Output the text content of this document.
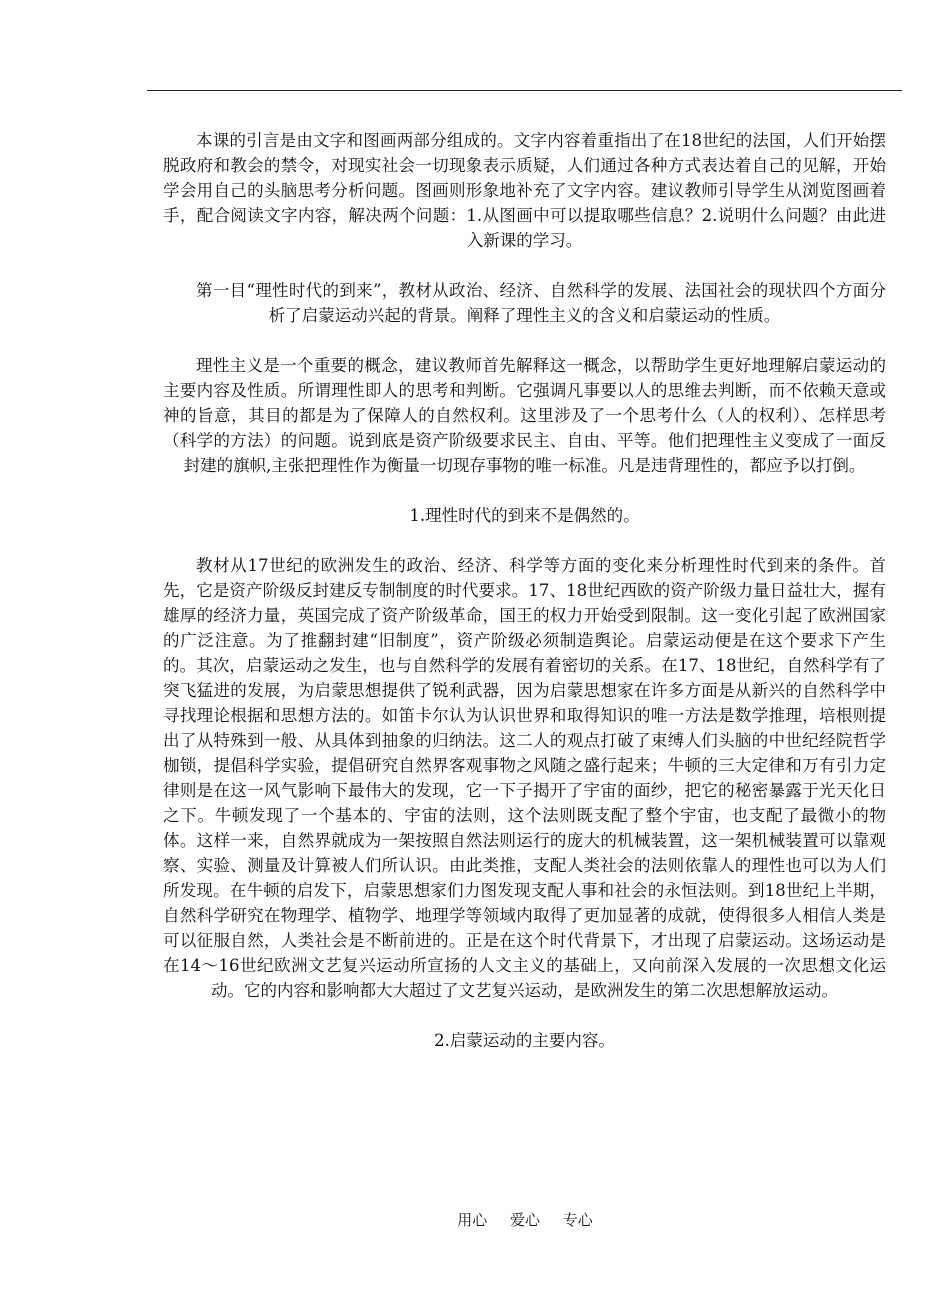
本课的引言是由文字和图画两部分组成的。文字内容着重指出了在18世纪的法国，人们开始摆脱政府和教会的禁令，对现实社会一切现象表示质疑，人们通过各种方式表达着自己的见解，开始学会用自己的头脑思考分析问题。图画则形象地补充了文字内容。建议教师引导学生从浏览图画着手，配合阅读文字内容，解决两个问题：1.从图画中可以提取哪些信息？2.说明什么问题？由此进入新课的学习。

第一目“理性时代的到来”，教材从政治、经济、自然科学的发展、法国社会的现状四个方面分析了启蒙运动兴起的背景。阐释了理性主义的含义和启蒙运动的性质。

理性主义是一个重要的概念，建议教师首先解释这一概念，以帮助学生更好地理解启蒙运动的主要内容及性质。所谓理性即人的思考和判断。它强调凡事要以人的思维去判断，而不依赖天意或神的旨意，其目的都是为了保障人的自然权利。这里涉及了一个思考什么（人的权利）、怎样思考（科学的方法）的问题。说到底是资产阶级要求民主、自由、平等。他们把理性主义变成了一面反封建的旗帜,主张把理性作为衡量一切现存事物的唯一标准。凡是违背理性的，都应予以打倒。

1.理性时代的到来不是偶然的。

教材从17世纪的欧洲发生的政治、经济、科学等方面的变化来分析理性时代到来的条件。首先，它是资产阶级反封建反专制制度的时代要求。17、18世纪西欧的资产阶级力量日益壮大，握有雄厚的经济力量，英国完成了资产阶级革命，国王的权力开始受到限制。这一变化引起了欧洲国家的广泛注意。为了推翻封建“旧制度”，资产阶级必须制造舆论。启蒙运动便是在这个要求下产生的。其次，启蒙运动之发生，也与自然科学的发展有着密切的关系。在17、18世纪，自然科学有了突飞猛进的发展，为启蒙思想提供了锐利武器，因为启蒙思想家在许多方面是从新兴的自然科学中寻找理论根据和思想方法的。如笛卡尔认为认识世界和取得知识的唯一方法是数学推理，培根则提出了从特殊到一般、从具体到抽象的归纳法。这二人的观点打破了束缚人们头脑的中世纪经院哲学枷锁，提倡科学实验，提倡研究自然界客观事物之风随之盛行起来；牛顿的三大定律和万有引力定律则是在这一风气影响下最伟大的发现，它一下子揭开了宇宙的面纱，把它的秘密暴露于光天化日之下。牛顿发现了一个基本的、宇宙的法则，这个法则既支配了整个宇宙，也支配了最微小的物体。这样一来，自然界就成为一架按照自然法则运行的庞大的机械装置，这一架机械装置可以靠观察、实验、测量及计算被人们所认识。由此类推，支配人类社会的法则依靠人的理性也可以为人们所发现。在牛顿的启发下，启蒙思想家们力图发现支配人事和社会的永恒法则。到18世纪上半期，自然科学研究在物理学、植物学、地理学等领域内取得了更加显著的成就，使得很多人相信人类是可以征服自然，人类社会是不断前进的。正是在这个时代背景下，才出现了启蒙运动。这场运动是在14～16世纪欧洲文艺复兴运动所宣扬的人文主义的基础上，又向前深入发展的一次思想文化运动。它的内容和影响都大大超过了文艺复兴运动，是欧洲发生的第二次思想解放运动。

2.启蒙运动的主要内容。

用心 爱心 专心
